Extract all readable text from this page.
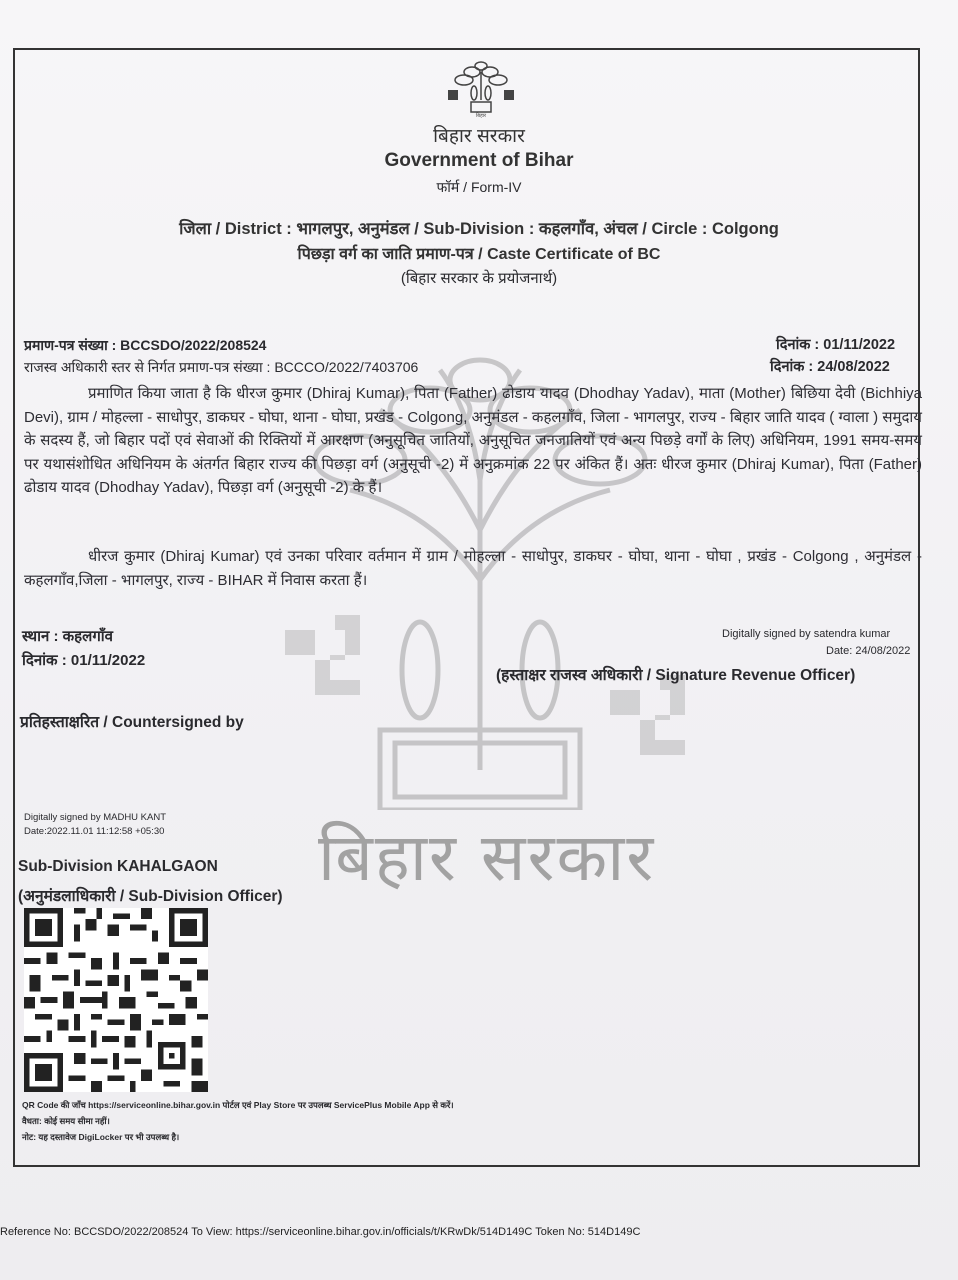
बिहार सरकार
बिहार
बिहार सरकार
Government of Bihar
फॉर्म / Form-IV
जिला / District : भागलपुर, अनुमंडल / Sub-Division : कहलगाँव, अंचल / Circle : Colgong
पिछड़ा वर्ग का जाति प्रमाण-पत्र / Caste Certificate of BC
(बिहार सरकार के प्रयोजनार्थ)
प्रमाण-पत्र संख्या : BCCSDO/2022/208524	दिनांक : 01/11/2022
राजस्व अधिकारी स्तर से निर्गत प्रमाण-पत्र संख्या : BCCCO/2022/7403706	दिनांक : 24/08/2022
प्रमाणित किया जाता है कि धीरज कुमार (Dhiraj Kumar), पिता (Father) ढोडाय यादव (Dhodhay Yadav), माता (Mother) बिछिया देवी (Bichhiya Devi), ग्राम / मोहल्ला - साधोपुर, डाकघर - घोघा, थाना - घोघा, प्रखंड - Colgong, अनुमंडल - कहलगाँव, जिला - भागलपुर, राज्य - बिहार जाति यादव ( ग्वाला ) समुदाय के सदस्य हैं, जो बिहार पदों एवं सेवाओं की रिक्तियों में आरक्षण (अनुसूचित जातियों, अनुसूचित जनजातियों एवं अन्य पिछड़े वर्गों के लिए) अधिनियम, 1991 समय-समय पर यथासंशोधित अधिनियम के अंतर्गत बिहार राज्य की पिछड़ा वर्ग (अनुसूची -2) में अनुक्रमांक 22 पर अंकित हैं। अतः धीरज कुमार (Dhiraj Kumar), पिता (Father) ढोडाय यादव (Dhodhay Yadav), पिछड़ा वर्ग (अनुसूची -2) के हैं।
धीरज कुमार (Dhiraj Kumar) एवं उनका परिवार वर्तमान में ग्राम / मोहल्ला - साधोपुर, डाकघर - घोघा, थाना - घोघा , प्रखंड - Colgong , अनुमंडल - कहलगाँव,जिला - भागलपुर, राज्य - BIHAR में निवास करता हैं।
स्थान : कहलगाँव
दिनांक : 01/11/2022
Digitally signed by satendra kumar
Date: 24/08/2022
(हस्ताक्षर राजस्व अधिकारी / Signature Revenue Officer)
प्रतिहस्ताक्षरित / Countersigned by
Digitally signed by MADHU KANT
Date:2022.11.01 11:12:58 +05:30
Sub-Division KAHALGAON
(अनुमंडलाधिकारी / Sub-Division Officer)
QR Code की जाँच https://serviceonline.bihar.gov.in पोर्टल एवं Play Store पर उपलब्ध ServicePlus Mobile App से करें।
वैधता: कोई समय सीमा नहीं।
नोट: यह दस्तावेज DigiLocker पर भी उपलब्ध है।
Reference No: BCCSDO/2022/208524 To View: https://serviceonline.bihar.gov.in/officials/t/KRwDk/514D149C Token No: 514D149C
